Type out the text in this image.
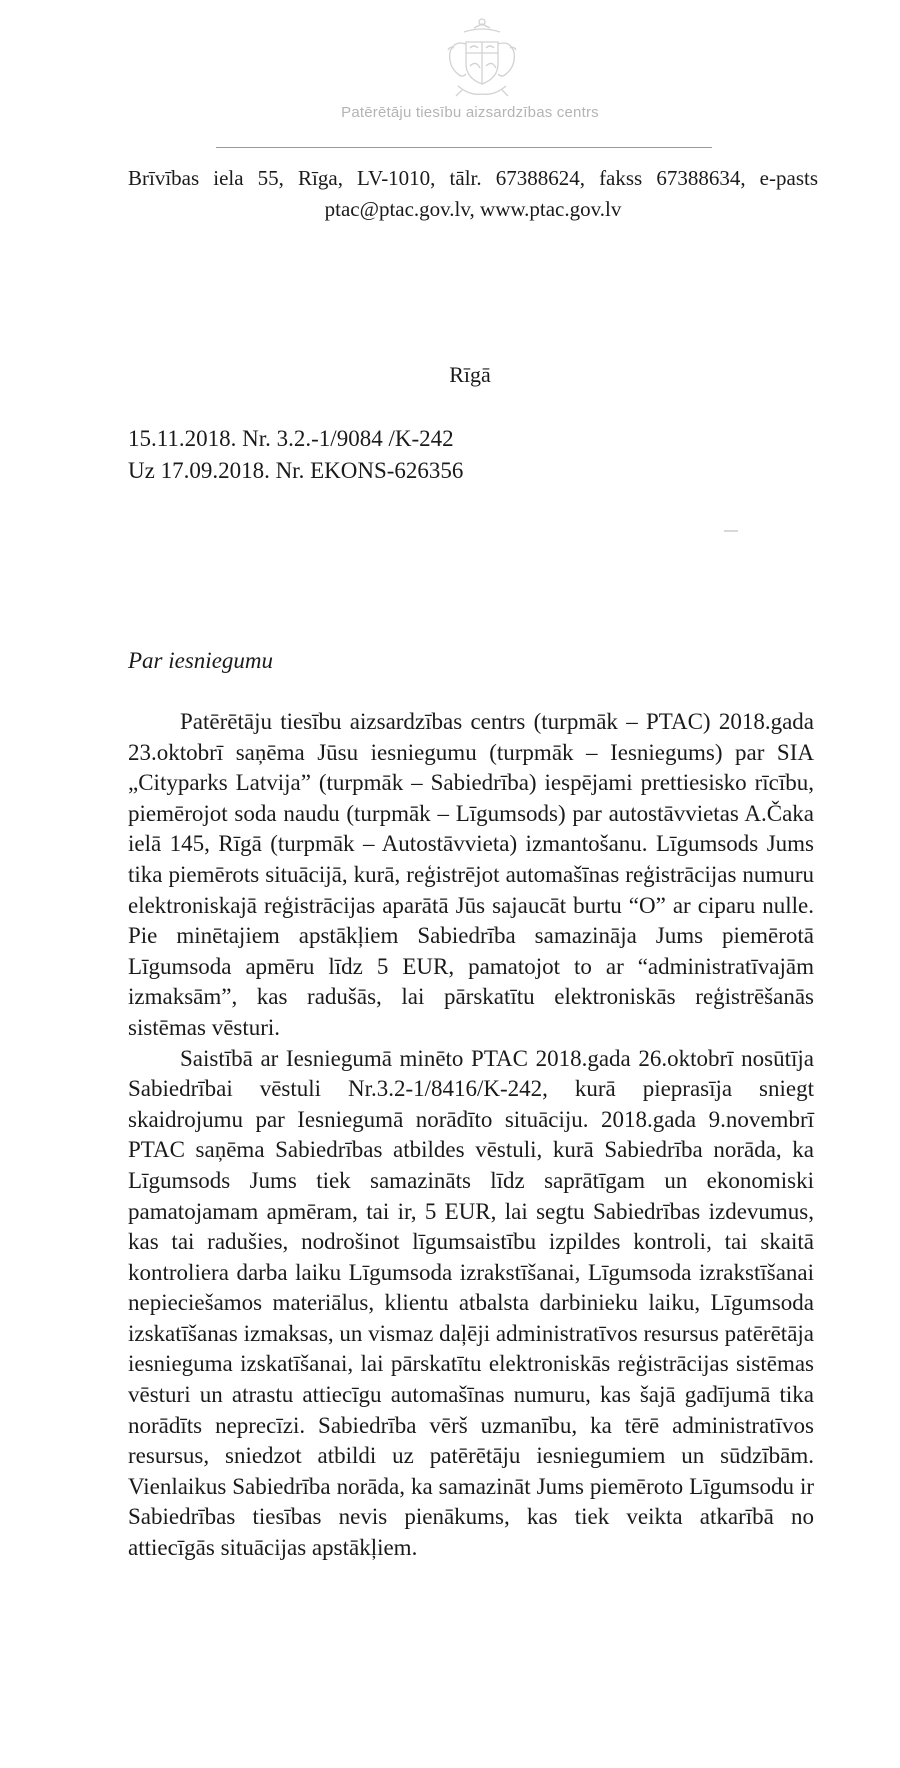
Patērētāju tiesību aizsardzības centrs
Brīvības iela 55, Rīga, LV-1010, tālr. 67388624, fakss 67388634, e-pasts ptac@ptac.gov.lv, www.ptac.gov.lv
Rīgā
15.11.2018. Nr. 3.2.-1/9084 /K-242
Uz 17.09.2018. Nr. EKONS-626356
Par iesniegumu

Patērētāju tiesību aizsardzības centrs (turpmāk – PTAC) 2018.gada 23.oktobrī saņēma Jūsu iesniegumu (turpmāk – Iesniegums) par SIA „Cityparks Latvija” (turpmāk – Sabiedrība) iespējami prettiesisko rīcību, piemērojot soda naudu (turpmāk – Līgumsods) par autostāvvietas A.Čaka ielā 145, Rīgā (turpmāk – Autostāvvieta) izmantošanu. Līgumsods Jums tika piemērots situācijā, kurā, reģistrējot automašīnas reģistrācijas numuru elektroniskajā reģistrācijas aparātā Jūs sajaucāt burtu “O” ar ciparu nulle. Pie minētajiem apstākļiem Sabiedrība samazināja Jums piemērotā Līgumsoda apmēru līdz 5 EUR, pamatojot to ar “administratīvajām izmaksām”, kas radušās, lai pārskatītu elektroniskās reģistrēšanās sistēmas vēsturi.

Saistībā ar Iesniegumā minēto PTAC 2018.gada 26.oktobrī nosūtīja Sabiedrībai vēstuli Nr.3.2-1/8416/K-242, kurā pieprasīja sniegt skaidrojumu par Iesniegumā norādīto situāciju. 2018.gada 9.novembrī PTAC saņēma Sabiedrības atbildes vēstuli, kurā Sabiedrība norāda, ka Līgumsods Jums tiek samazināts līdz saprātīgam un ekonomiski pamatojamam apmēram, tai ir, 5 EUR, lai segtu Sabiedrības izdevumus, kas tai radušies, nodrošinot līgumsaistību izpildes kontroli, tai skaitā kontroliera darba laiku Līgumsoda izrakstīšanai, Līgumsoda izrakstīšanai nepieciešamos materiālus, klientu atbalsta darbinieku laiku, Līgumsoda izskatīšanas izmaksas, un vismaz daļēji administratīvos resursus patērētāja iesnieguma izskatīšanai, lai pārskatītu elektroniskās reģistrācijas sistēmas vēsturi un atrastu attiecīgu automašīnas numuru, kas šajā gadījumā tika norādīts neprecīzi. Sabiedrība vērš uzmanību, ka tērē administratīvos resursus, sniedzot atbildi uz patērētāju iesniegumiem un sūdzībām. Vienlaikus Sabiedrība norāda, ka samazināt Jums piemēroto Līgumsodu ir Sabiedrības tiesības nevis pienākums, kas tiek veikta atkarībā no attiecīgās situācijas apstākļiem.
